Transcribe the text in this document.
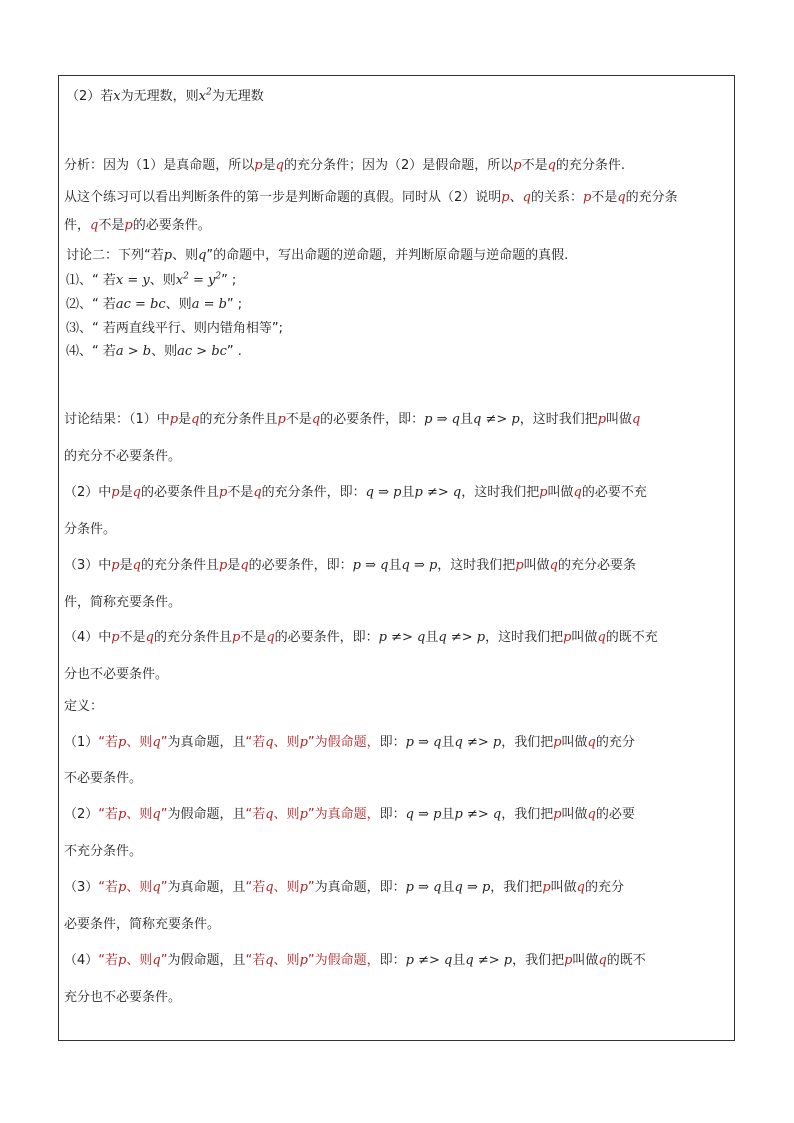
（2）若x为无理数，则$x^2$为无理数
分析：因为（1）是真命题，所以p是q的充分条件；因为（2）是假命题，所以p不是q的充分条件.
从这个练习可以看出判断条件的第一步是判断命题的真假。同时从（2）说明p、q的关系：p不是q的充分条
件，q不是p的必要条件。
讨论二：下列“若p、则q”的命题中，写出命题的逆命题，并判断原命题与逆命题的真假.
⑴、“ 若x = y、则$x^2 = y^2$” ;
⑵、“ 若ac = bc、则a = b” ;
⑶、“ 若两直线平行、则内错角相等”;
⑷、“ 若a > b、则ac > bc” .
讨论结果：（1）中p是q的充分条件且p不是q的必要条件，即：p ⇒ q且q ≠> p，这时我们把p叫做q
的充分不必要条件。
（2）中p是q的必要条件且p不是q的充分条件，即：q ⇒ p且p ≠> q，这时我们把p叫做q的必要不充
分条件。
（3）中p是q的充分条件且p是q的必要条件，即：p ⇒ q且q ⇒ p，这时我们把p叫做q的充分必要条
件，简称充要条件。
（4）中p不是q的充分条件且p不是q的必要条件，即：p ≠> q且q ≠> p，这时我们把p叫做q的既不充
分也不必要条件。
定义：
（1）“若p、则q”为真命题，且“若q、则p”为假命题，即：p ⇒ q且q ≠> p，我们把p叫做q的充分
不必要条件。
（2）“若p、则q”为假命题，且“若q、则p”为真命题，即：q ⇒ p且p ≠> q，我们把p叫做q的必要
不充分条件。
（3）“若p、则q”为真命题，且“若q、则p”为真命题，即：p ⇒ q且q ⇒ p，我们把p叫做q的充分
必要条件，简称充要条件。
（4）“若p、则q”为假命题，且“若q、则p”为假命题，即：p ≠> q且q ≠> p，我们把p叫做q的既不
充分也不必要条件。
